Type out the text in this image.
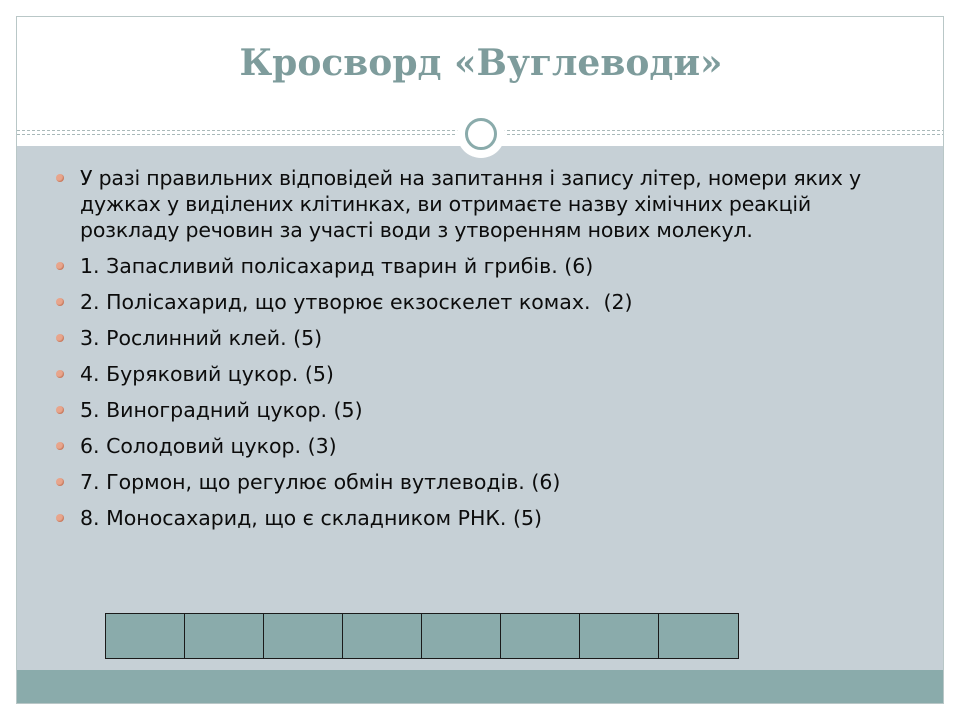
Кросворд «Вуглеводи»
У разі правильних відповідей на запитання і запису літер, номери яких у дужках у виділених клітинках, ви отримаєте назву хімічних реакцій розкладу речовин за участі води з утворенням нових молекул.
1. Запасливий полісахарид тварин й грибів. (6)
2. Полісахарид, що утворює екзоскелет комах.  (2)
3. Рослинний клей. (5)
4. Буряковий цукор. (5)
5. Виноградний цукор. (5)
6. Солодовий цукор. (3)
7. Гормон, що регулює обмін вутлеводів. (6)
8. Моносахарид, що є складником РНК. (5)
